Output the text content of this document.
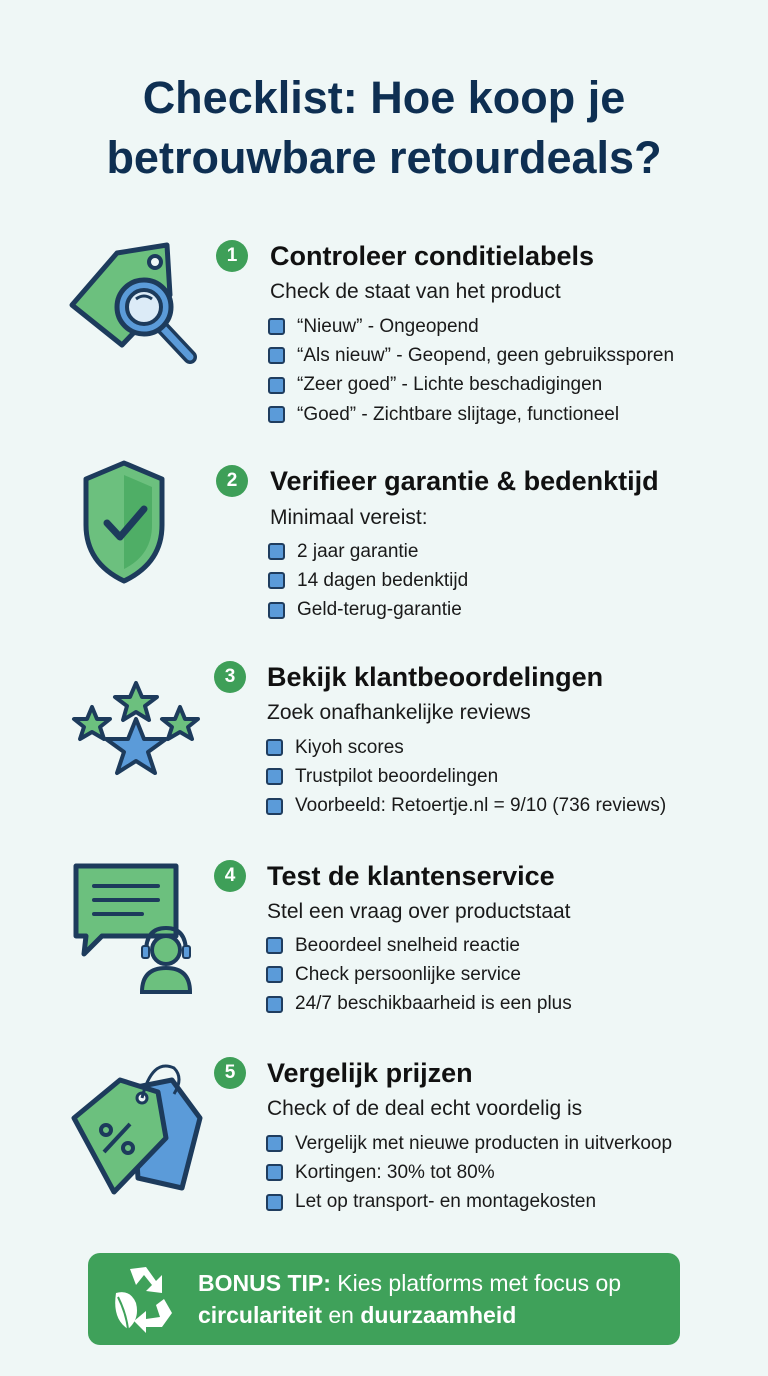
Checklist: Hoe koop je
betrouwbare retourdeals?
1	Controleer conditielabels
Check de staat van het product
“Nieuw” - Ongeopend
“Als nieuw” - Geopend, geen gebruikssporen
“Zeer goed” - Lichte beschadigingen
“Goed” - Zichtbare slijtage, functioneel
2	Verifieer garantie & bedenktijd
Minimaal vereist:
2 jaar garantie
14 dagen bedenktijd
Geld-terug-garantie
3	Bekijk klantbeoordelingen
Zoek onafhankelijke reviews
Kiyoh scores
Trustpilot beoordelingen
Voorbeeld: Retoertje.nl = 9/10 (736 reviews)
4	Test de klantenservice
Stel een vraag over productstaat
Beoordeel snelheid reactie
Check persoonlijke service
24/7 beschikbaarheid is een plus
5	Vergelijk prijzen
Check of de deal echt voordelig is
Vergelijk met nieuwe producten in uitverkoop
Kortingen: 30% tot 80%
Let op transport- en montagekosten
BONUS TIP: Kies platforms met focus op
circulariteit en duurzaamheid
